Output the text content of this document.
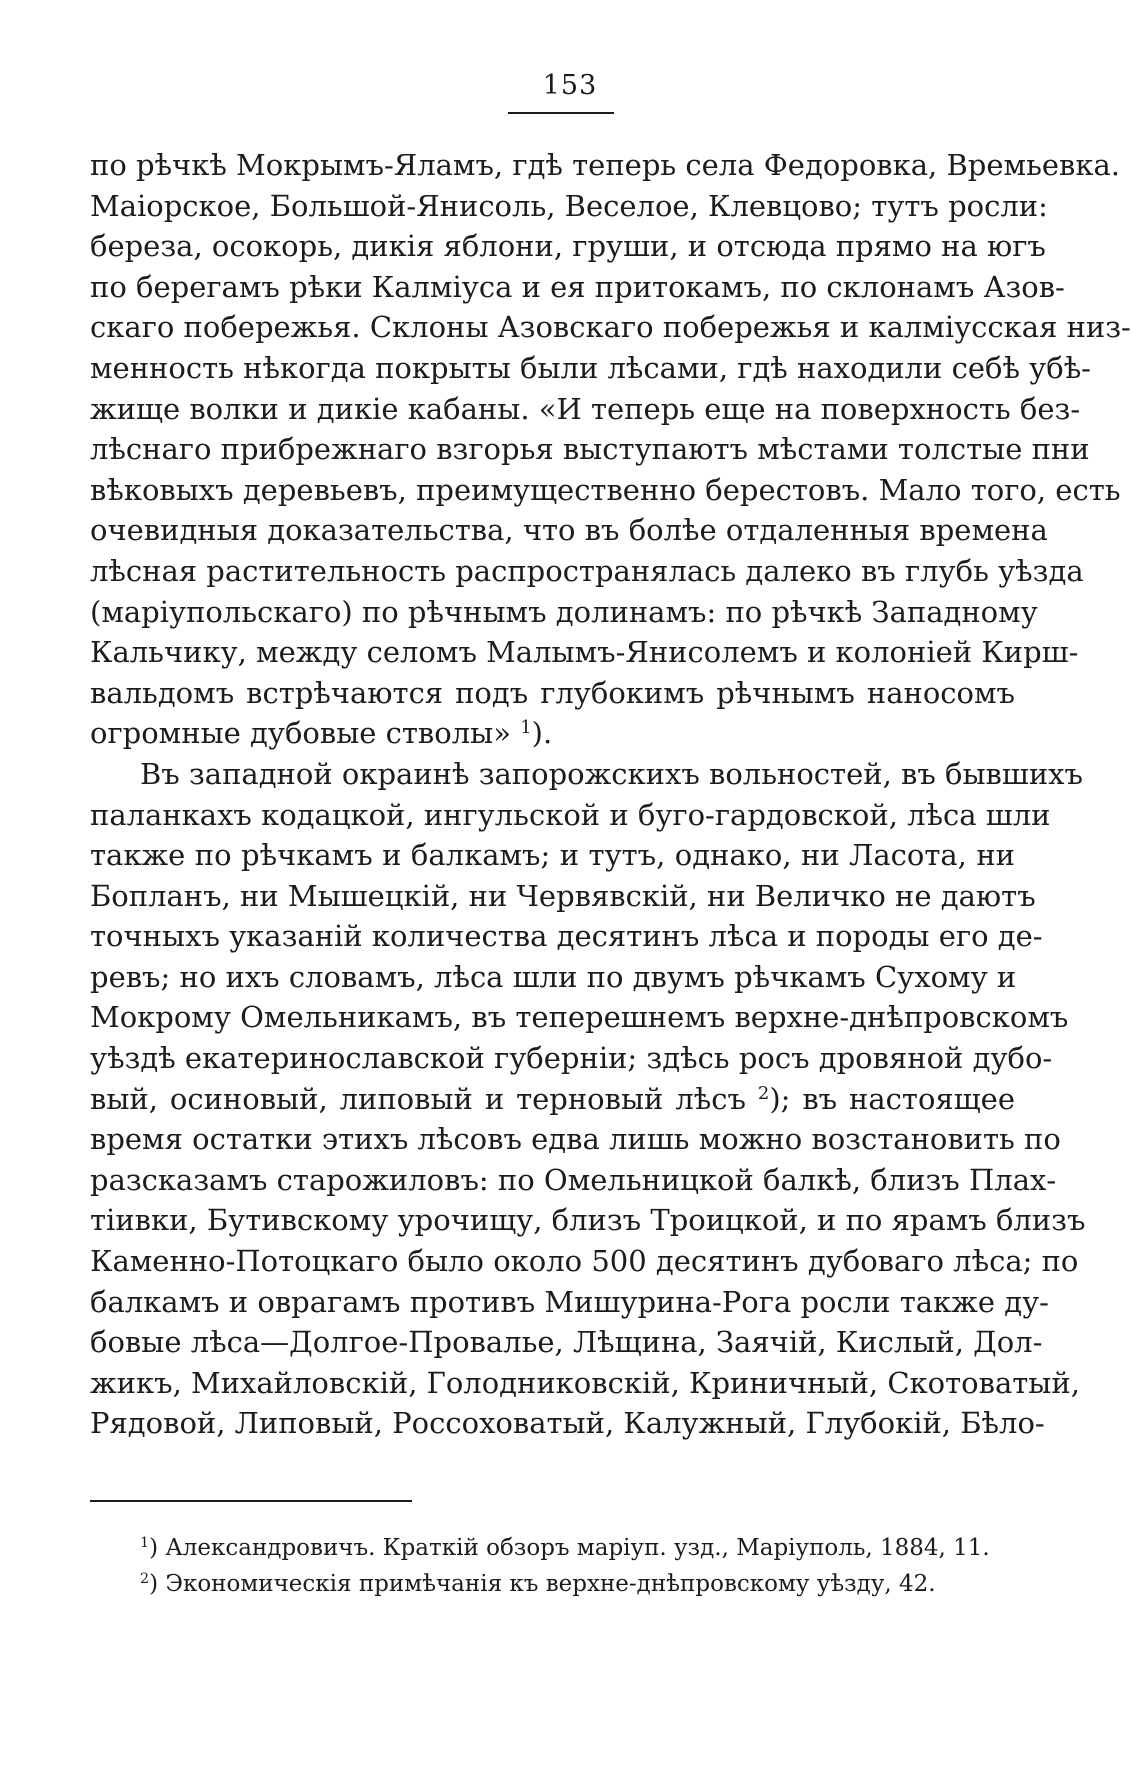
153
по рѣчкѣ Мокрымъ-Яламъ, гдѣ теперь села Федоровка, Времьевка.
Маіорское, Большой-Янисоль, Веселое, Клевцово; тутъ росли:
береза, осокорь, дикія яблони, груши, и отсюда прямо на югъ
по берегамъ рѣки Калміуса и ея притокамъ, по склонамъ Азов-
скаго побережья. Склоны Азовскаго побережья и калміусская низ-
менность нѣкогда покрыты были лѣсами, гдѣ находили себѣ убѣ-
жище волки и дикіе кабаны. «И теперь еще на поверхность без-
лѣснаго прибрежнаго взгорья выступаютъ мѣстами толстые пни
вѣковыхъ деревьевъ, преимущественно берестовъ. Мало того, есть
очевидныя доказательства, что въ болѣе отдаленныя времена
лѣсная растительность распространялась далеко въ глубь уѣзда
(маріупольскаго) по рѣчнымъ долинамъ: по рѣчкѣ Западному
Кальчику, между селомъ Малымъ-Янисолемъ и колоніей Кирш-
вальдомъ встрѣчаются подъ глубокимъ рѣчнымъ наносомъ
огромные дубовые стволы» $^1$).
Въ западной окраинѣ запорожскихъ вольностей, въ бывшихъ
паланкахъ кодацкой, ингульской и буго-гардовской, лѣса шли
также по рѣчкамъ и балкамъ; и тутъ, однако, ни Ласота, ни
Бопланъ, ни Мышецкій, ни Червявскій, ни Величко не даютъ
точныхъ указаній количества десятинъ лѣса и породы его де-
ревъ; но ихъ словамъ, лѣса шли по двумъ рѣчкамъ Сухому и
Мокрому Омельникамъ, въ теперешнемъ верхне-днѣпровскомъ
уѣздѣ екатеринославской губерніи; здѣсь росъ дровяной дубо-
вый, осиновый, липовый и терновый лѣсъ $^2$); въ настоящее
время остатки этихъ лѣсовъ едва лишь можно возстановить по
разсказамъ старожиловъ: по Омельницкой балкѣ, близъ Плах-
тіивки, Бутивскому урочищу, близъ Троицкой, и по ярамъ близъ
Каменно-Потоцкаго было около 500 десятинъ дубоваго лѣса; по
балкамъ и оврагамъ противъ Мишурина-Рога росли также ду-
бовые лѣса—Долгое-Провалье, Лѣщина, Заячій, Кислый, Дол-
жикъ, Михайловскій, Голодниковскій, Криничный, Скотоватый,
Рядовой, Липовый, Россоховатый, Калужный, Глубокій, Бѣло-
$^1$) Александровичъ. Краткій обзоръ маріуп. узд., Маріуполь, 1884, 11.
$^2$) Экономическія примѣчанія къ верхне-днѣпровскому уѣзду, 42.
